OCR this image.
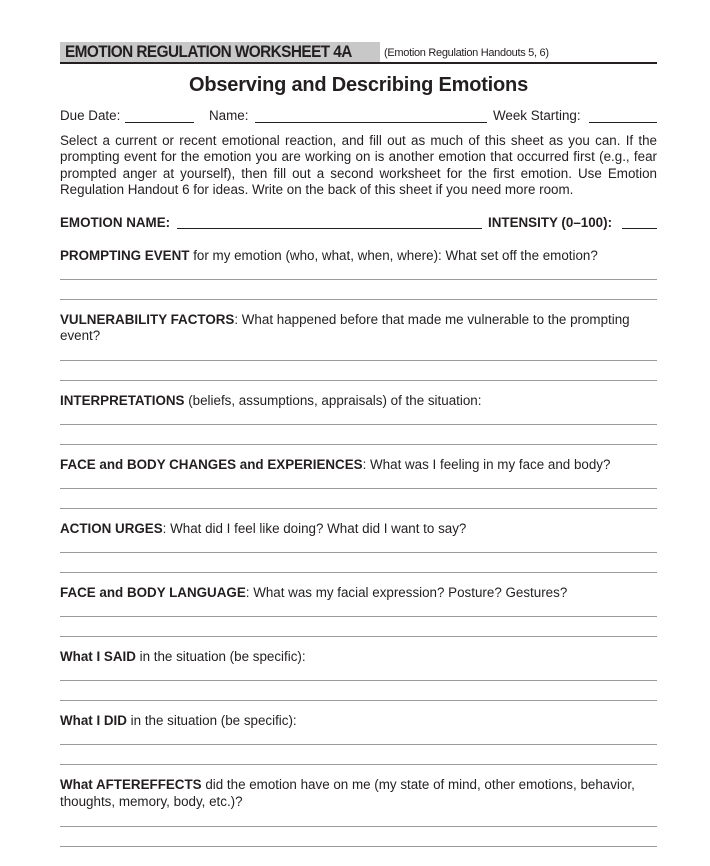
EMOTION REGULATION WORKSHEET 4A	(Emotion Regulation Handouts 5, 6)
Observing and Describing Emotions
Due Date:	Name:	Week Starting:
Select a current or recent emotional reaction, and fill out as much of this sheet as you can. If the
prompting event for the emotion you are working on is another emotion that occurred first (e.g., fear
prompted anger at yourself), then fill out a second worksheet for the first emotion. Use Emotion
Regulation Handout 6 for ideas. Write on the back of this sheet if you need more room.
EMOTION NAME:	INTENSITY (0–100):
PROMPTING EVENT for my emotion (who, what, when, where): What set off the emotion?
VULNERABILITY FACTORS: What happened before that made me vulnerable to the prompting
event?
INTERPRETATIONS (beliefs, assumptions, appraisals) of the situation:
FACE and BODY CHANGES and EXPERIENCES: What was I feeling in my face and body?
ACTION URGES: What did I feel like doing? What did I want to say?
FACE and BODY LANGUAGE: What was my facial expression? Posture? Gestures?
What I SAID in the situation (be specific):
What I DID in the situation (be specific):
What AFTEREFFECTS did the emotion have on me (my state of mind, other emotions, behavior,
thoughts, memory, body, etc.)?
